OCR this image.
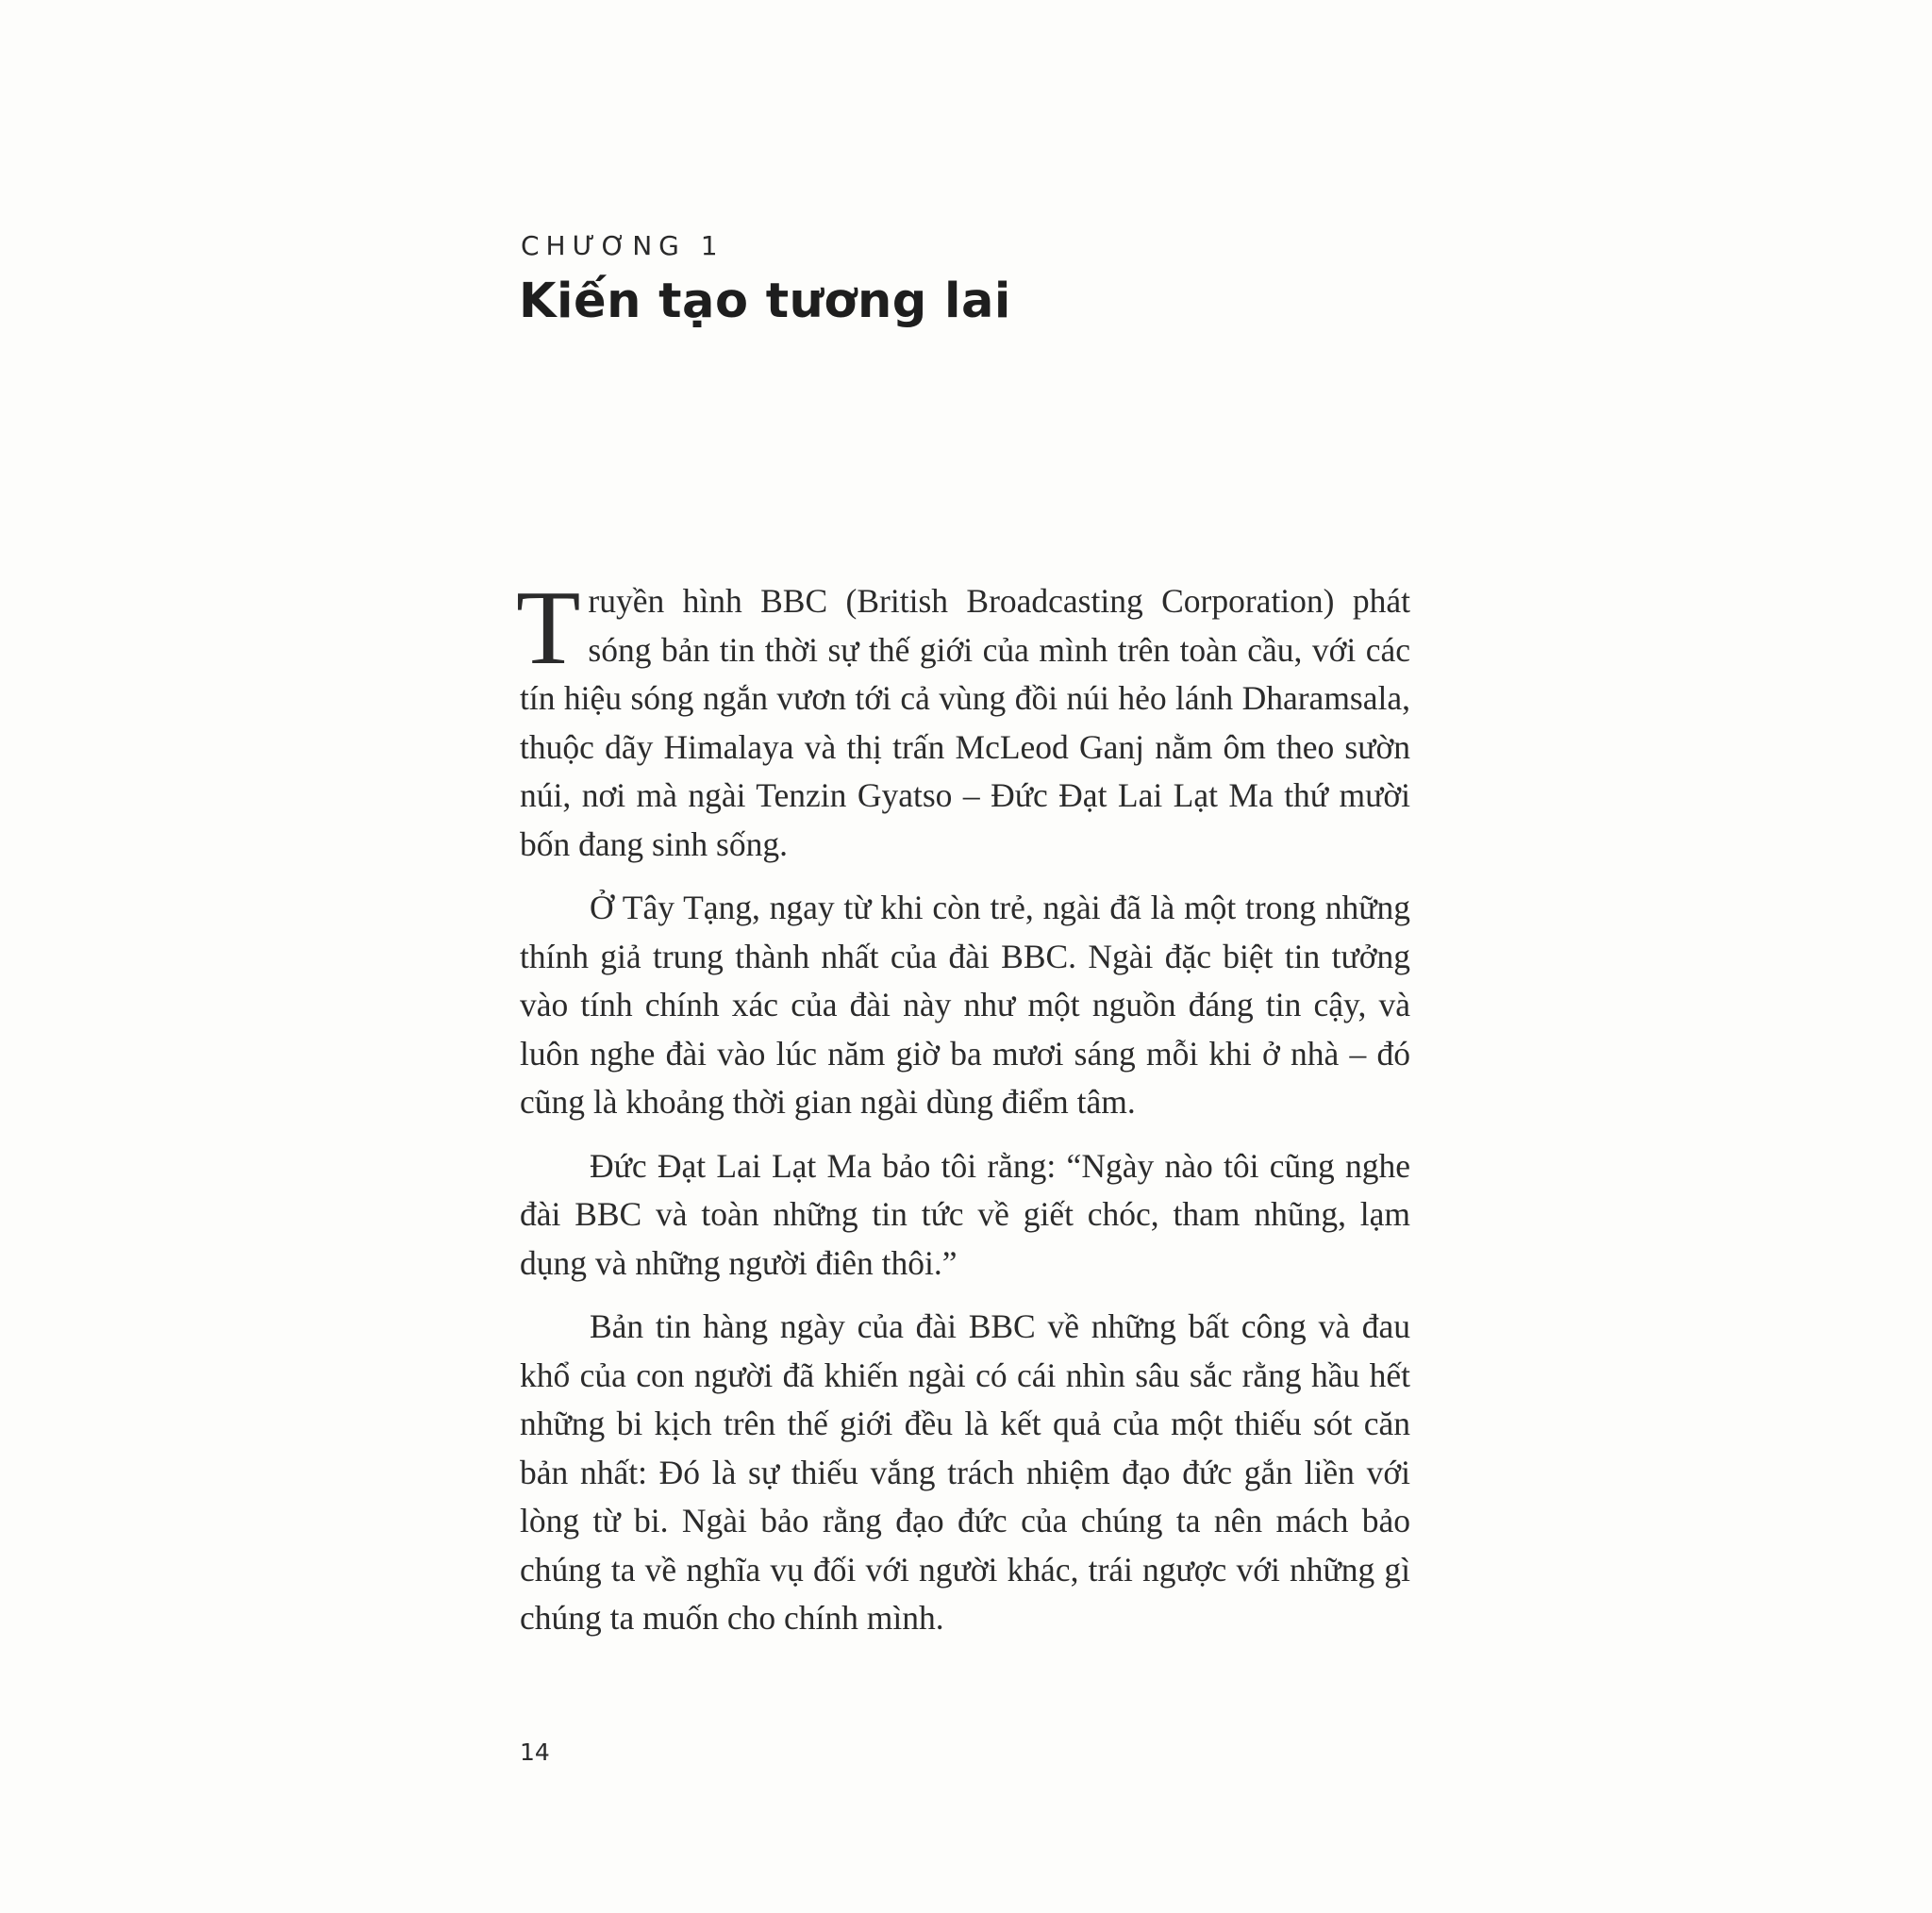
CHƯƠNG 1

Kiến tạo tương lai

Truyền hình BBC (British Broadcasting Corporation) phát sóng bản tin thời sự thế giới của mình trên toàn cầu, với các tín hiệu sóng ngắn vươn tới cả vùng đồi núi hẻo lánh Dharamsala, thuộc dãy Himalaya và thị trấn McLeod Ganj nằm ôm theo sườn núi, nơi mà ngài Tenzin Gyatso – Đức Đạt Lai Lạt Ma thứ mười bốn đang sinh sống.

Ở Tây Tạng, ngay từ khi còn trẻ, ngài đã là một trong những thính giả trung thành nhất của đài BBC. Ngài đặc biệt tin tưởng vào tính chính xác của đài này như một nguồn đáng tin cậy, và luôn nghe đài vào lúc năm giờ ba mươi sáng mỗi khi ở nhà – đó cũng là khoảng thời gian ngài dùng điểm tâm.

Đức Đạt Lai Lạt Ma bảo tôi rằng: “Ngày nào tôi cũng nghe đài BBC và toàn những tin tức về giết chóc, tham nhũng, lạm dụng và những người điên thôi.”

Bản tin hàng ngày của đài BBC về những bất công và đau khổ của con người đã khiến ngài có cái nhìn sâu sắc rằng hầu hết những bi kịch trên thế giới đều là kết quả của một thiếu sót căn bản nhất: Đó là sự thiếu vắng trách nhiệm đạo đức gắn liền với lòng từ bi. Ngài bảo rằng đạo đức của chúng ta nên mách bảo chúng ta về nghĩa vụ đối với người khác, trái ngược với những gì chúng ta muốn cho chính mình.

14
